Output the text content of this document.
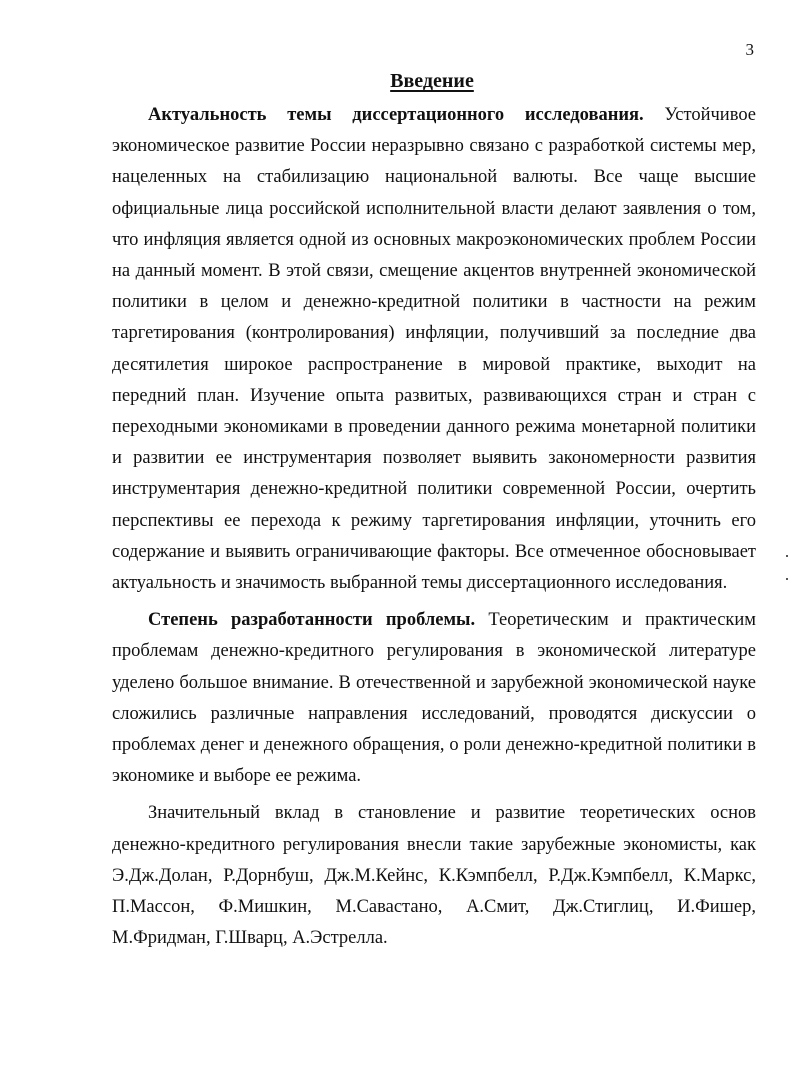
3
Введение

Актуальность темы диссертационного исследования. Устойчивое экономическое развитие России неразрывно связано с разработкой системы мер, нацеленных на стабилизацию национальной валюты. Все чаще высшие официальные лица российской исполнительной власти делают заявления о том, что инфляция является одной из основных макроэкономических проблем России на данный момент. В этой связи, смещение акцентов внутренней экономической политики в целом и денежно-кредитной политики в частности на режим таргетирования (контролирования) инфляции, получивший за последние два десятилетия широкое распространение в мировой практике, выходит на передний план. Изучение опыта развитых, развивающихся стран и стран с переходными экономиками в проведении данного режима монетарной политики и развитии ее инструментария позволяет выявить закономерности развития инструментария денежно-кредитной политики современной России, очертить перспективы ее перехода к режиму таргетирования инфляции, уточнить его содержание и выявить ограничивающие факторы. Все отмеченное обосновывает актуальность и значимость выбранной темы диссертационного исследования.

Степень разработанности проблемы. Теоретическим и практическим проблемам денежно-кредитного регулирования в экономической литературе уделено большое внимание. В отечественной и зарубежной экономической науке сложились различные направления исследований, проводятся дискуссии о проблемах денег и денежного обращения, о роли денежно-кредитной политики в экономике и выборе ее режима.

Значительный вклад в становление и развитие теоретических основ денежно-кредитного регулирования внесли такие зарубежные экономисты, как Э.Дж.Долан, Р.Дорнбуш, Дж.М.Кейнс, К.Кэмпбелл, Р.Дж.Кэмпбелл, К.Маркс, П.Массон, Ф.Мишкин, М.Савастано, А.Смит, Дж.Стиглиц, И.Фишер, М.Фридман, Г.Шварц, А.Эстрелла.
